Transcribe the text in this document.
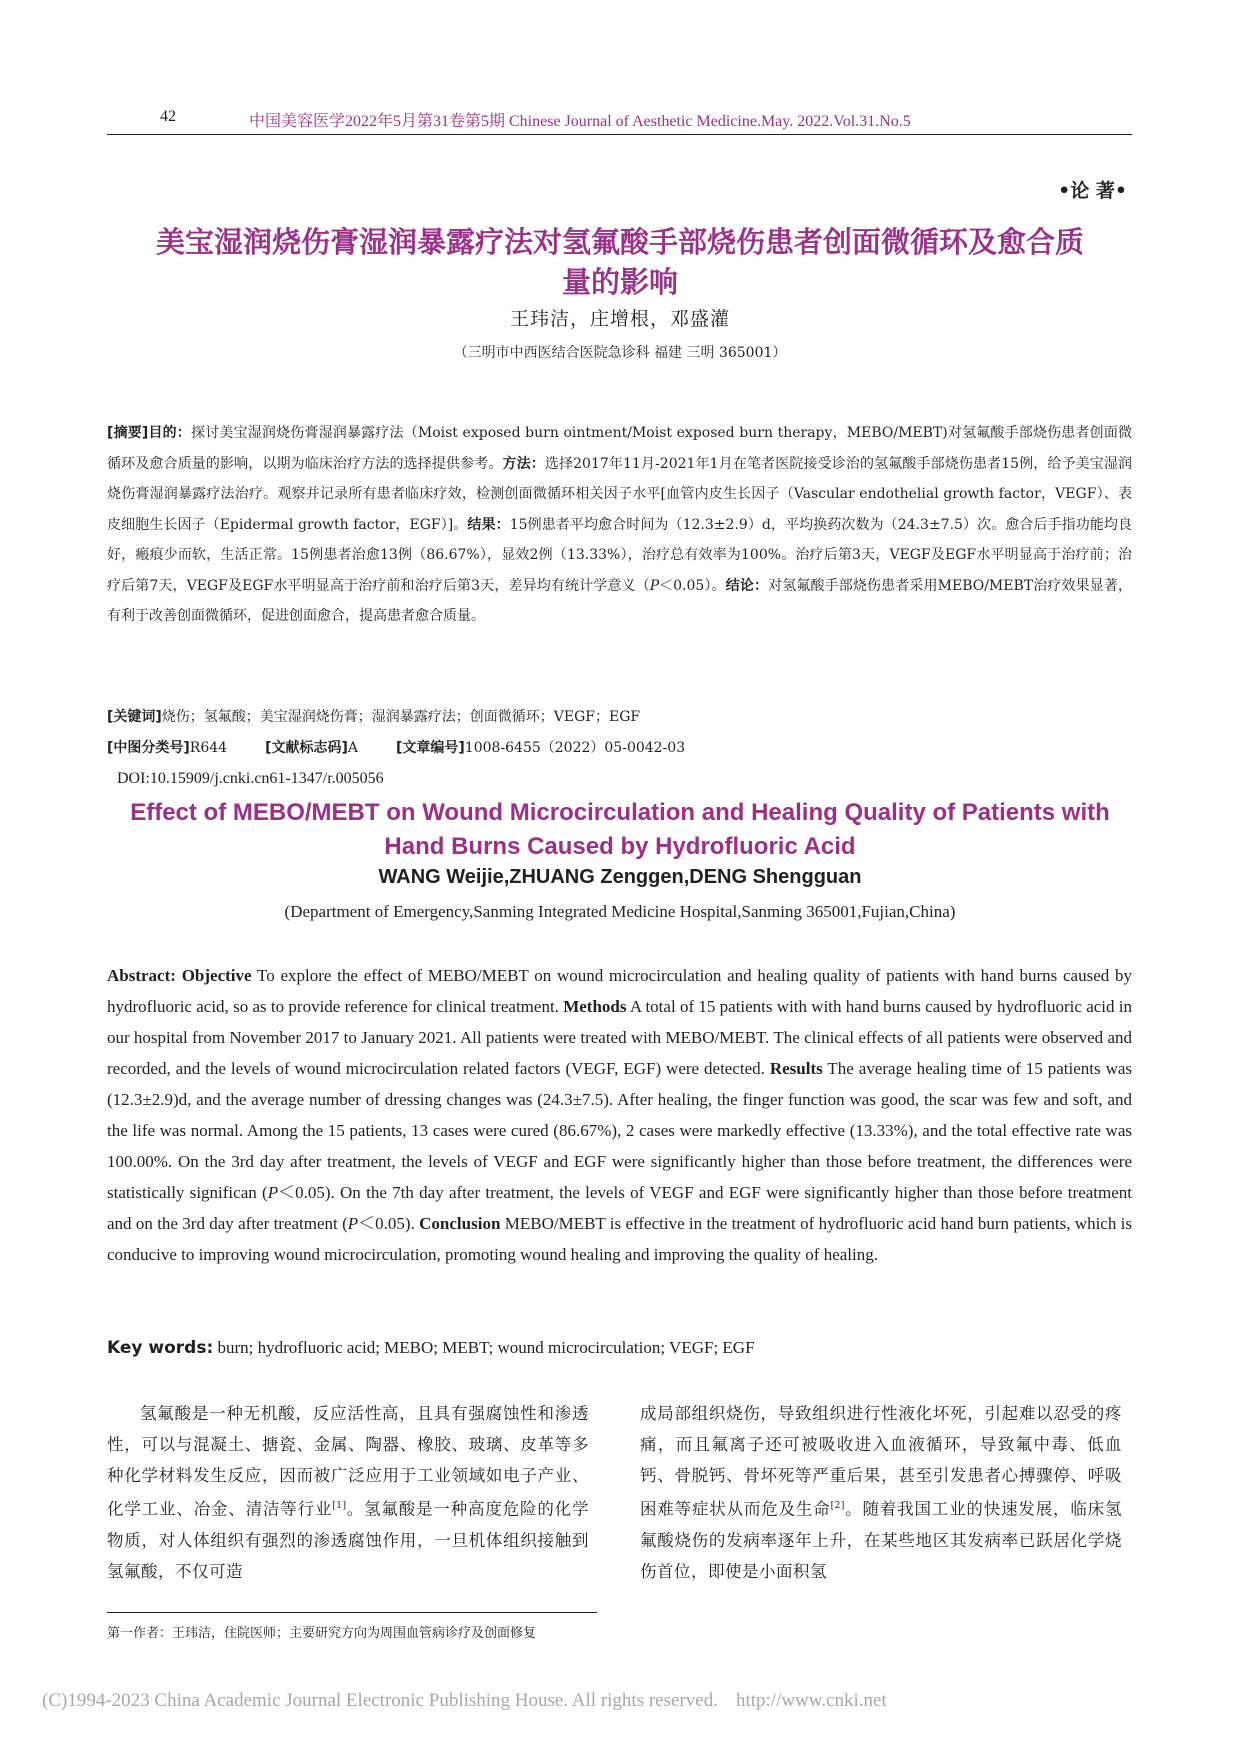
42	中国美容医学2022年5月第31卷第5期 Chinese Journal of Aesthetic Medicine.May. 2022.Vol.31.No.5
•论 著•
美宝湿润烧伤膏湿润暴露疗法对氢氟酸手部烧伤患者创面微循环及愈合质
量的影响
王玮洁，庄增根，邓盛灌
（三明市中西医结合医院急诊科 福建 三明 365001）
[摘要]目的：探讨美宝湿润烧伤膏湿润暴露疗法（Moist exposed burn ointment/Moist exposed burn therapy，MEBO/MEBT)对氢氟酸手部烧伤患者创面微循环及愈合质量的影响，以期为临床治疗方法的选择提供参考。方法：选择2017年11月-2021年1月在笔者医院接受诊治的氢氟酸手部烧伤患者15例，给予美宝湿润烧伤膏湿润暴露疗法治疗。观察并记录所有患者临床疗效，检测创面微循环相关因子水平[血管内皮生长因子（Vascular endothelial growth factor，VEGF）、表皮细胞生长因子（Epidermal growth factor，EGF）]。结果：15例患者平均愈合时间为（12.3±2.9）d，平均换药次数为（24.3±7.5）次。愈合后手指功能均良好，瘢痕少而软，生活正常。15例患者治愈13例（86.67%），显效2例（13.33%），治疗总有效率为100%。治疗后第3天，VEGF及EGF水平明显高于治疗前；治疗后第7天，VEGF及EGF水平明显高于治疗前和治疗后第3天，差异均有统计学意义（P＜0.05）。结论：对氢氟酸手部烧伤患者采用MEBO/MEBT治疗效果显著，有利于改善创面微循环，促进创面愈合，提高患者愈合质量。
[关键词]烧伤；氢氟酸；美宝湿润烧伤膏；湿润暴露疗法；创面微循环；VEGF；EGF
[中图分类号]R644	[文献标志码]A	[文章编号]1008-6455（2022）05-0042-03
DOI:10.15909/j.cnki.cn61-1347/r.005056
Effect of MEBO/MEBT on Wound Microcirculation and Healing Quality of Patients with
Hand Burns Caused by Hydrofluoric Acid
WANG Weijie,ZHUANG Zenggen,DENG Shengguan
(Department of Emergency,Sanming Integrated Medicine Hospital,Sanming 365001,Fujian,China)
Abstract: Objective To explore the effect of MEBO/MEBT on wound microcirculation and healing quality of patients with hand burns caused by hydrofluoric acid, so as to provide reference for clinical treatment. Methods A total of 15 patients with with hand burns caused by hydrofluoric acid in our hospital from November 2017 to January 2021. All patients were treated with MEBO/MEBT. The clinical effects of all patients were observed and recorded, and the levels of wound microcirculation related factors (VEGF, EGF) were detected. Results The average healing time of 15 patients was (12.3±2.9)d, and the average number of dressing changes was (24.3±7.5). After healing, the finger function was good, the scar was few and soft, and the life was normal. Among the 15 patients, 13 cases were cured (86.67%), 2 cases were markedly effective (13.33%), and the total effective rate was 100.00%. On the 3rd day after treatment, the levels of VEGF and EGF were significantly higher than those before treatment, the differences were statistically significan (P＜0.05). On the 7th day after treatment, the levels of VEGF and EGF were significantly higher than those before treatment and on the 3rd day after treatment (P＜0.05). Conclusion MEBO/MEBT is effective in the treatment of hydrofluoric acid hand burn patients, which is conducive to improving wound microcirculation, promoting wound healing and improving the quality of healing.
Key words: burn; hydrofluoric acid; MEBO; MEBT; wound microcirculation; VEGF; EGF
氢氟酸是一种无机酸，反应活性高，且具有强腐蚀性和渗透性，可以与混凝土、搪瓷、金属、陶器、橡胶、玻璃、皮革等多种化学材料发生反应，因而被广泛应用于工业领域如电子产业、化学工业、冶金、清洁等行业[1]。氢氟酸是一种高度危险的化学物质，对人体组织有强烈的渗透腐蚀作用，一旦机体组织接触到氢氟酸，不仅可造
成局部组织烧伤，导致组织进行性液化坏死，引起难以忍受的疼痛，而且氟离子还可被吸收进入血液循环，导致氟中毒、低血钙、骨脱钙、骨坏死等严重后果，甚至引发患者心搏骤停、呼吸困难等症状从而危及生命[2]。随着我国工业的快速发展，临床氢氟酸烧伤的发病率逐年上升，在某些地区其发病率已跃居化学烧伤首位，即使是小面积氢
第一作者：王玮洁，住院医师；主要研究方向为周围血管病诊疗及创面修复
(C)1994-2023 China Academic Journal Electronic Publishing House. All rights reserved. http://www.cnki.net
